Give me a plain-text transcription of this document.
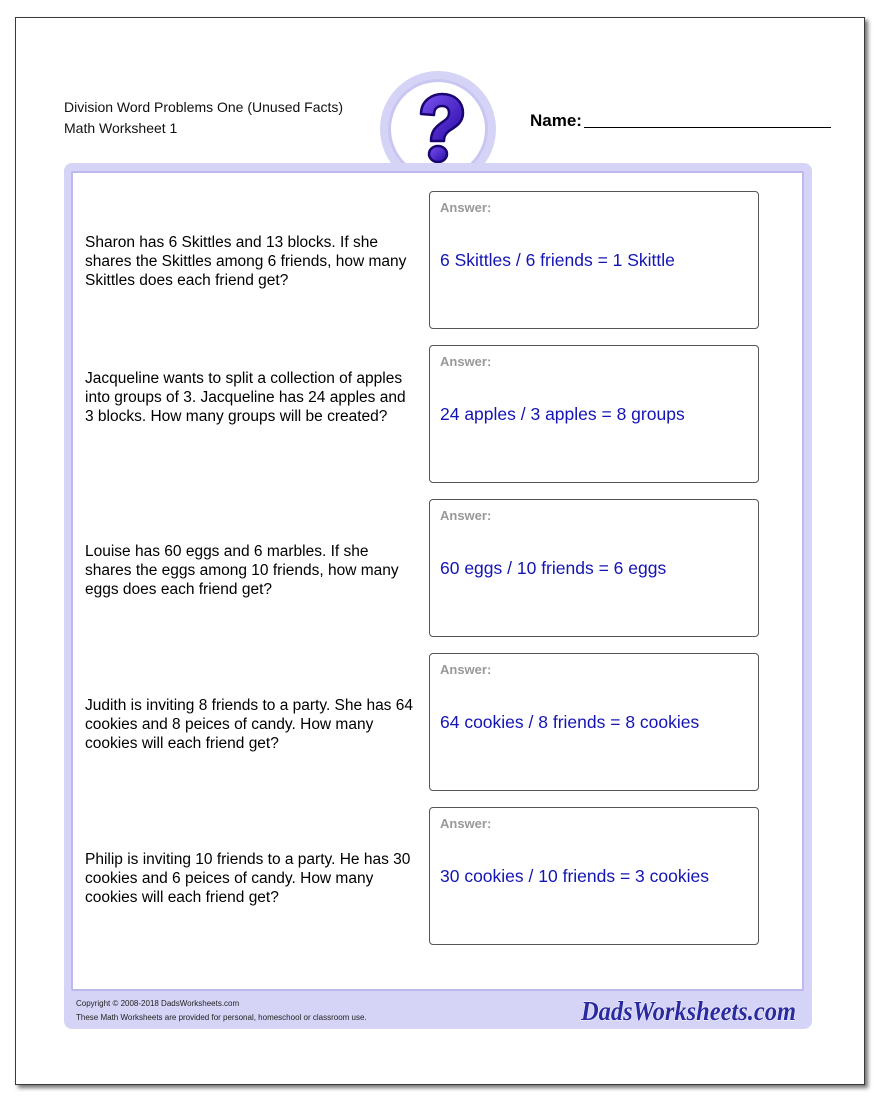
Division Word Problems One (Unused Facts)
Math Worksheet 1	Name:
Sharon has 6 Skittles and 13 blocks. If she shares the Skittles among 6 friends, how many Skittles does each friend get?
Answer:
6 Skittles / 6 friends = 1 Skittle
Jacqueline wants to split a collection of apples into groups of 3. Jacqueline has 24 apples and 3 blocks. How many groups will be created?
Answer:
24 apples / 3 apples = 8 groups
Louise has 60 eggs and 6 marbles. If she shares the eggs among 10 friends, how many eggs does each friend get?
Answer:
60 eggs / 10 friends = 6 eggs
Judith is inviting 8 friends to a party. She has 64 cookies and 8 peices of candy. How many cookies will each friend get?
Answer:
64 cookies / 8 friends = 8 cookies
Philip is inviting 10 friends to a party. He has 30 cookies and 6 peices of candy. How many cookies will each friend get?
Answer:
30 cookies / 10 friends = 3 cookies
Copyright © 2008-2018 DadsWorksheets.com
These Math Worksheets are provided for personal, homeschool or classroom use.	DadsWorksheets.com
